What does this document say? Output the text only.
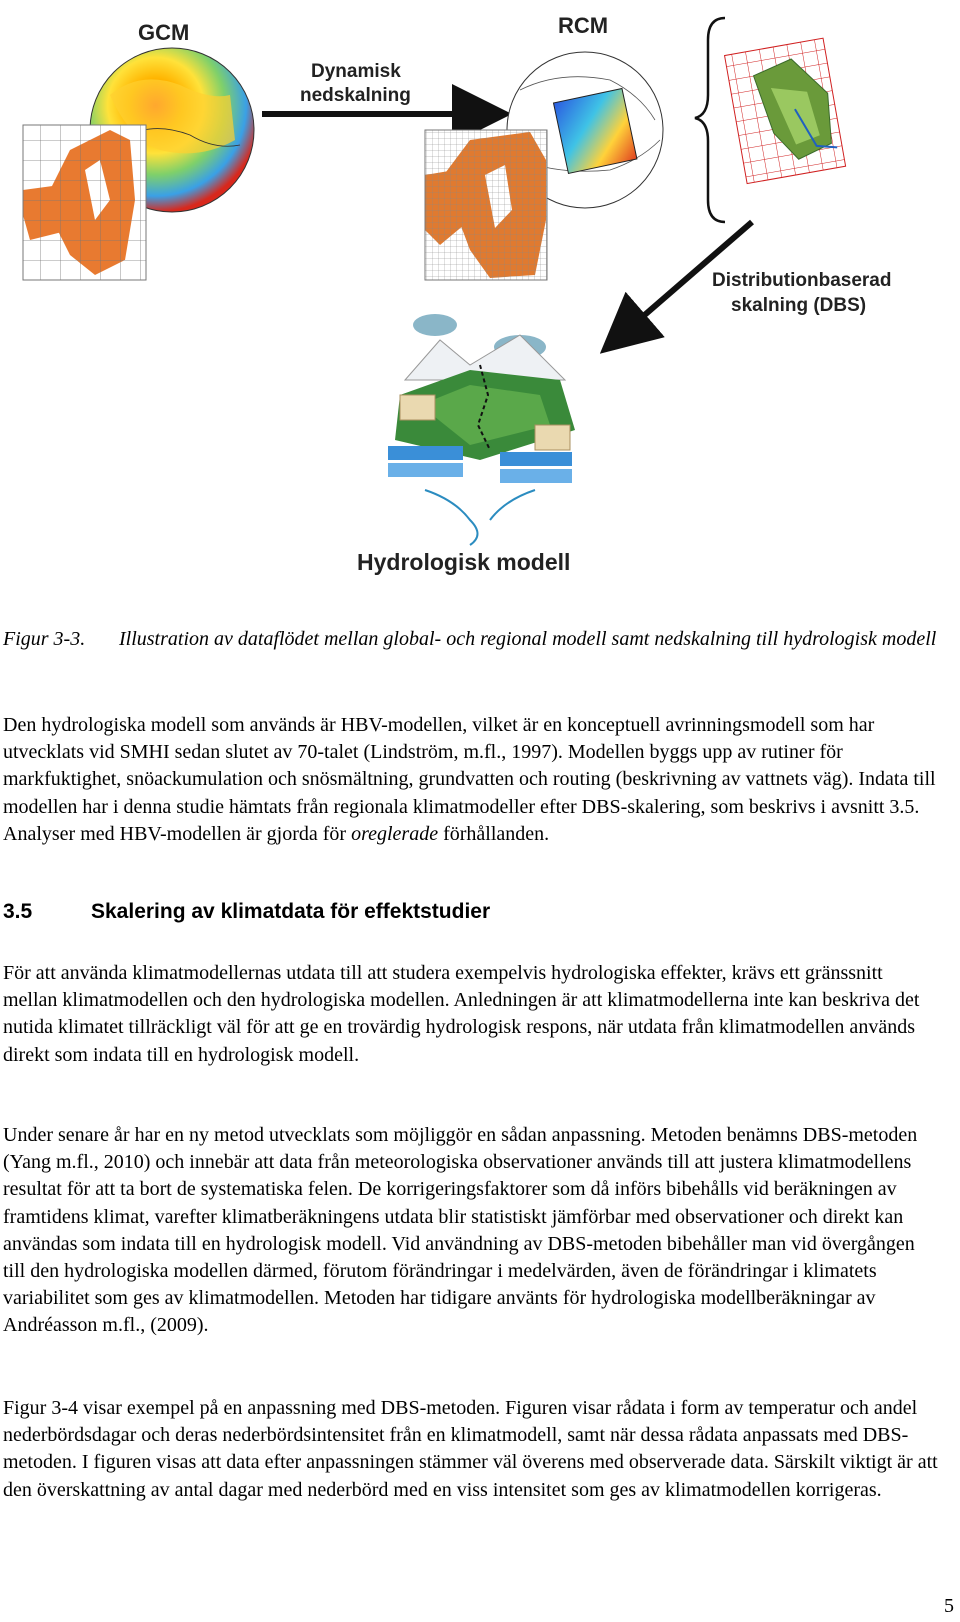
GCM
Dynamisk
nedskalning
RCM
Distributionbaserad
skalning (DBS)
Hydrologisk modell
Figur 3-3. Illustration av dataflödet mellan global- och regional modell samt nedskalning till hydrologisk modell

Den hydrologiska modell som används är HBV-modellen, vilket är en konceptuell avrinningsmodell som har utvecklats vid SMHI sedan slutet av 70-talet (Lindström, m.fl., 1997). Modellen byggs upp av rutiner för markfuktighet, snöackumulation och snösmältning, grundvatten och routing (beskrivning av vattnets väg). Indata till modellen har i denna studie hämtats från regionala klimatmodeller efter DBS-skalering, som beskrivs i avsnitt 3.5. Analyser med HBV-modellen är gjorda för oreglerade förhållanden.

3.5	Skalering av klimatdata för effektstudier

För att använda klimatmodellernas utdata till att studera exempelvis hydrologiska effekter, krävs ett gränssnitt mellan klimatmodellen och den hydrologiska modellen. Anledningen är att klimatmodellerna inte kan beskriva det nutida klimatet tillräckligt väl för att ge en trovärdig hydrologisk respons, när utdata från klimatmodellen används direkt som indata till en hydrologisk modell.

Under senare år har en ny metod utvecklats som möjliggör en sådan anpassning. Metoden benämns DBS-metoden (Yang m.fl., 2010) och innebär att data från meteorologiska observationer används till att justera klimatmodellens resultat för att ta bort de systematiska felen. De korrigeringsfaktorer som då införs bibehålls vid beräkningen av framtidens klimat, varefter klimatberäkningens utdata blir statistiskt jämförbar med observationer och direkt kan användas som indata till en hydrologisk modell. Vid användning av DBS-metoden bibehåller man vid övergången till den hydrologiska modellen därmed, förutom förändringar i medelvärden, även de förändringar i klimatets variabilitet som ges av klimatmodellen. Metoden har tidigare använts för hydrologiska modellberäkningar av Andréasson m.fl., (2009).

Figur 3-4 visar exempel på en anpassning med DBS-metoden. Figuren visar rådata i form av temperatur och andel nederbördsdagar och deras nederbördsintensitet från en klimatmodell, samt när dessa rådata anpassats med DBS-metoden. I figuren visas att data efter anpassningen stämmer väl överens med observerade data. Särskilt viktigt är att den överskattning av antal dagar med nederbörd med en viss intensitet som ges av klimatmodellen korrigeras.

5
